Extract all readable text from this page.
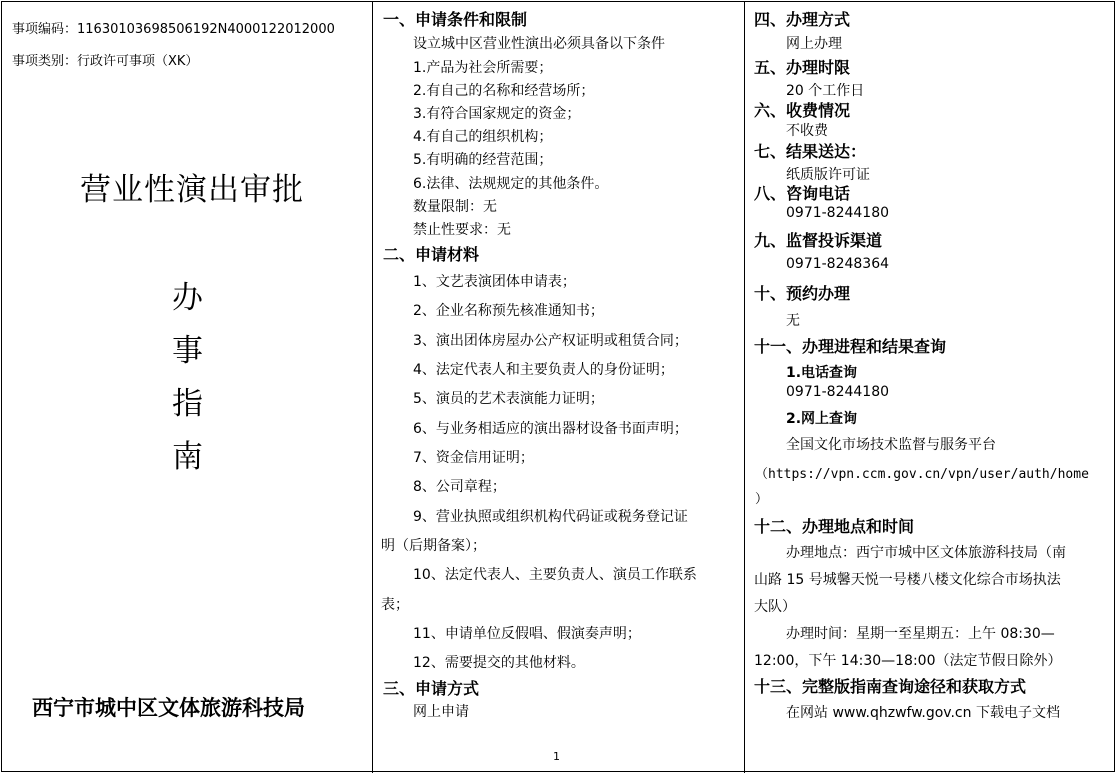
事项编码：11630103698506192N4000122012000
事项类别：行政许可事项（XK）
营业性演出审批
办
事
指
南
西宁市城中区文体旅游科技局
一、申请条件和限制
设立城中区营业性演出必须具备以下条件
1.产品为社会所需要；
2.有自己的名称和经营场所；
3.有符合国家规定的资金；
4.有自己的组织机构；
5.有明确的经营范围；
6.法律、法规规定的其他条件。
数量限制：无
禁止性要求：无
二、申请材料
1、文艺表演团体申请表；
2、企业名称预先核准通知书；
3、演出团体房屋办公产权证明或租赁合同；
4、法定代表人和主要负责人的身份证明；
5、演员的艺术表演能力证明；
6、与业务相适应的演出器材设备书面声明；
7、资金信用证明；
8、公司章程；
9、营业执照或组织机构代码证或税务登记证
明（后期备案）；
10、法定代表人、主要负责人、演员工作联系
表；
11、申请单位反假唱、假演奏声明；
12、需要提交的其他材料。
三、申请方式
网上申请
1
四、办理方式
网上办理
五、办理时限
20 个工作日
六、收费情况
不收费
七、结果送达：
纸质版许可证
八、咨询电话
0971-8244180
九、监督投诉渠道
0971-8248364
十、预约办理
无
十一、办理进程和结果查询
1.电话查询
0971-8244180
2.网上查询
全国文化市场技术监督与服务平台
（https://vpn.ccm.gov.cn/vpn/user/auth/home
）
十二、办理地点和时间
办理地点：西宁市城中区文体旅游科技局（南
山路 15 号城馨天悦一号楼八楼文化综合市场执法
大队）
办理时间：星期一至星期五：上午 08:30—
12:00，下午 14:30—18:00（法定节假日除外）
十三、完整版指南查询途径和获取方式
在网站 www.qhzwfw.gov.cn 下载电子文档
